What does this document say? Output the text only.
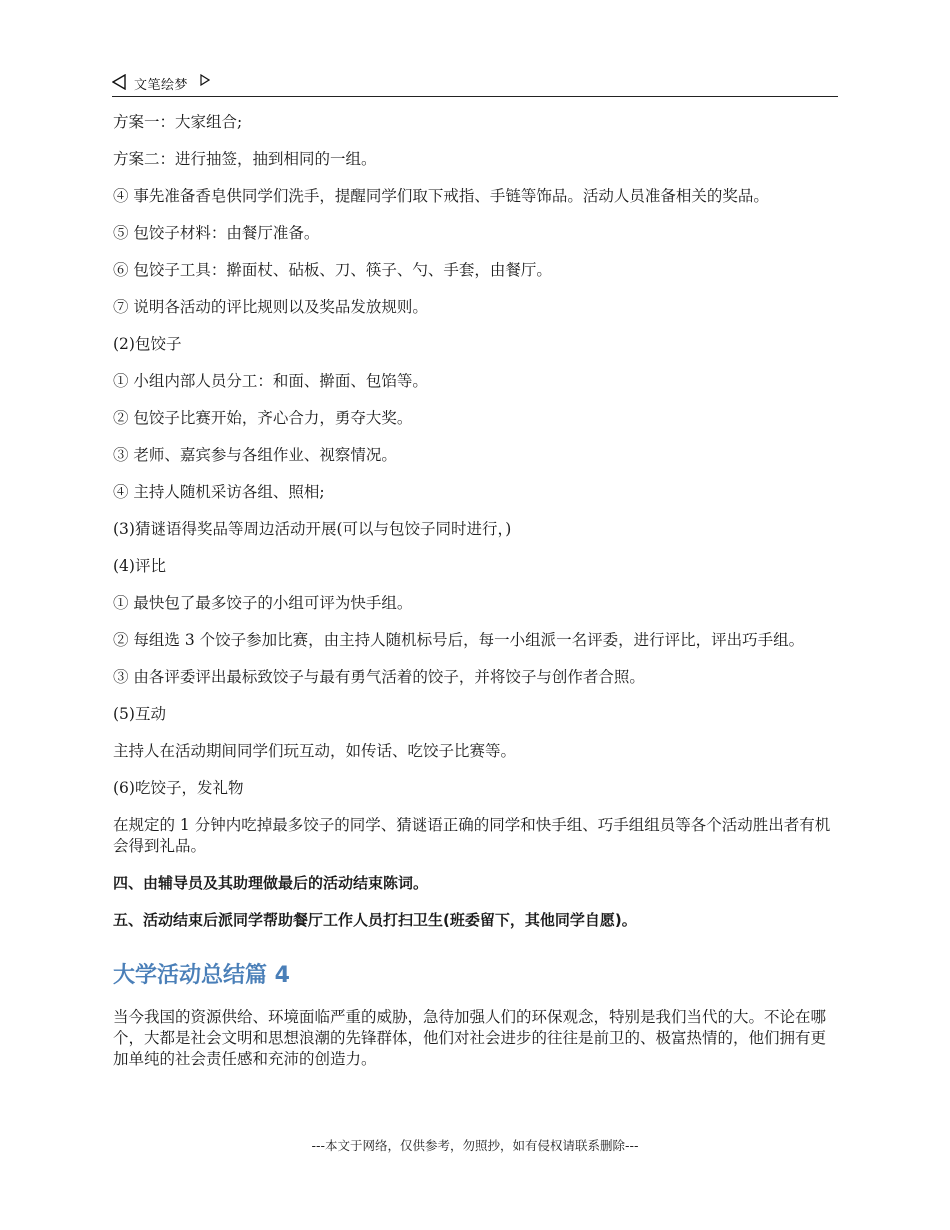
文笔绘梦

方案一：大家组合;

方案二：进行抽签，抽到相同的一组。

④ 事先准备香皂供同学们洗手，提醒同学们取下戒指、手链等饰品。活动人员准备相关的奖品。

⑤ 包饺子材料：由餐厅准备。

⑥ 包饺子工具：擀面杖、砧板、刀、筷子、勺、手套，由餐厅。

⑦ 说明各活动的评比规则以及奖品发放规则。

(2)包饺子

① 小组内部人员分工：和面、擀面、包馅等。

② 包饺子比赛开始，齐心合力，勇夺大奖。

③ 老师、嘉宾参与各组作业、视察情况。

④ 主持人随机采访各组、照相;

(3)猜谜语得奖品等周边活动开展(可以与包饺子同时进行，)

(4)评比

① 最快包了最多饺子的小组可评为快手组。

② 每组选 3 个饺子参加比赛，由主持人随机标号后，每一小组派一名评委，进行评比，评出巧手组。

③ 由各评委评出最标致饺子与最有勇气活着的饺子，并将饺子与创作者合照。

(5)互动

主持人在活动期间同学们玩互动，如传话、吃饺子比赛等。

(6)吃饺子，发礼物

在规定的 1 分钟内吃掉最多饺子的同学、猜谜语正确的同学和快手组、巧手组组员等各个活动胜出者有机会得到礼品。

四、由辅导员及其助理做最后的活动结束陈词。

五、活动结束后派同学帮助餐厅工作人员打扫卫生(班委留下，其他同学自愿)。

大学活动总结篇 4

当今我国的资源供给、环境面临严重的威胁，急待加强人们的环保观念，特别是我们当代的大。不论在哪个，大都是社会文明和思想浪潮的先锋群体，他们对社会进步的往往是前卫的、极富热情的，他们拥有更加单纯的社会责任感和充沛的创造力。

---本文于网络，仅供参考，勿照抄，如有侵权请联系删除---
